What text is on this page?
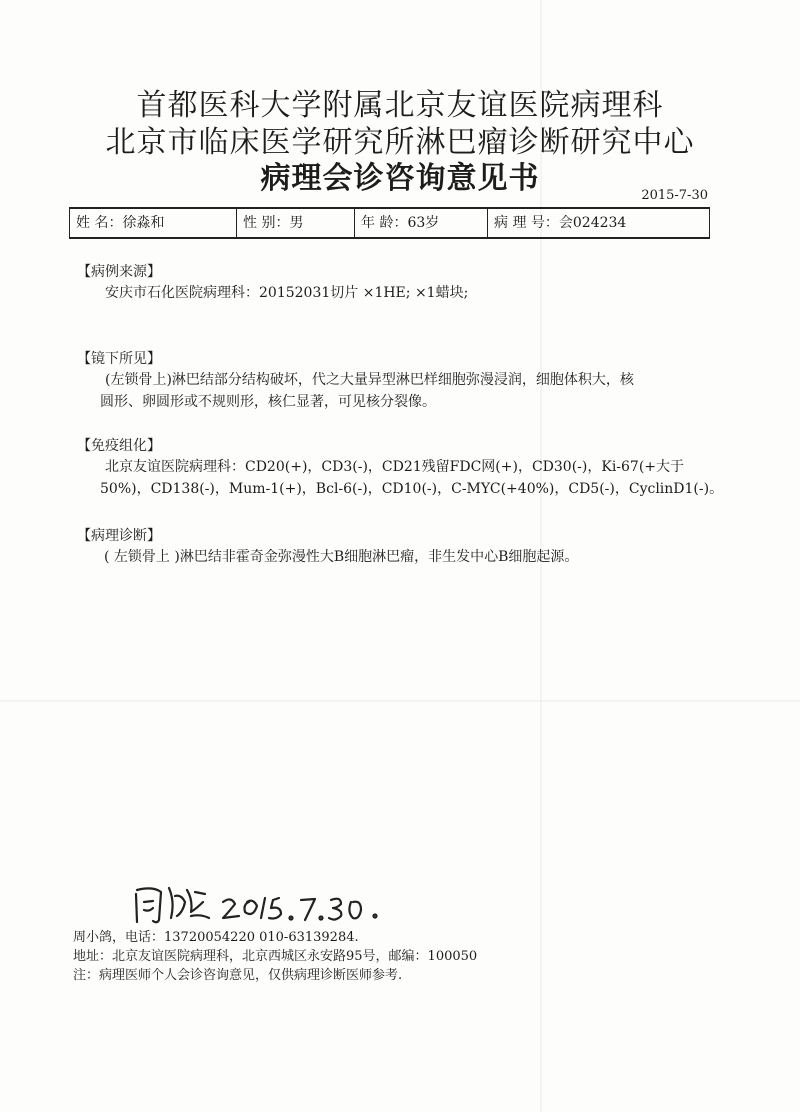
首都医科大学附属北京友谊医院病理科
北京市临床医学研究所淋巴瘤诊断研究中心
病理会诊咨询意见书	2015-7-30
姓 名：徐淼和	性 别：男	年 龄：63岁	病 理 号：会024234
【病例来源】
安庆市石化医院病理科：20152031切片 ×1HE; ×1蜡块;
【镜下所见】
(左锁骨上)淋巴结部分结构破坏，代之大量异型淋巴样细胞弥漫浸润，细胞体积大，核
圆形、卵圆形或不规则形，核仁显著，可见核分裂像。
【免疫组化】
北京友谊医院病理科：CD20(+)，CD3(-)，CD21残留FDC网(+)，CD30(-)，Ki-67(+大于
50%)，CD138(-)，Mum-1(+)，Bcl-6(-)，CD10(-)，C-MYC(+40%)，CD5(-)，CyclinD1(-)。
【病理诊断】
( 左锁骨上 )淋巴结非霍奇金弥漫性大B细胞淋巴瘤，非生发中心B细胞起源。
周小鸽，电话：13720054220 010-63139284.
地址：北京友谊医院病理科，北京西城区永安路95号，邮编：100050
注：病理医师个人会诊咨询意见，仅供病理诊断医师参考.
